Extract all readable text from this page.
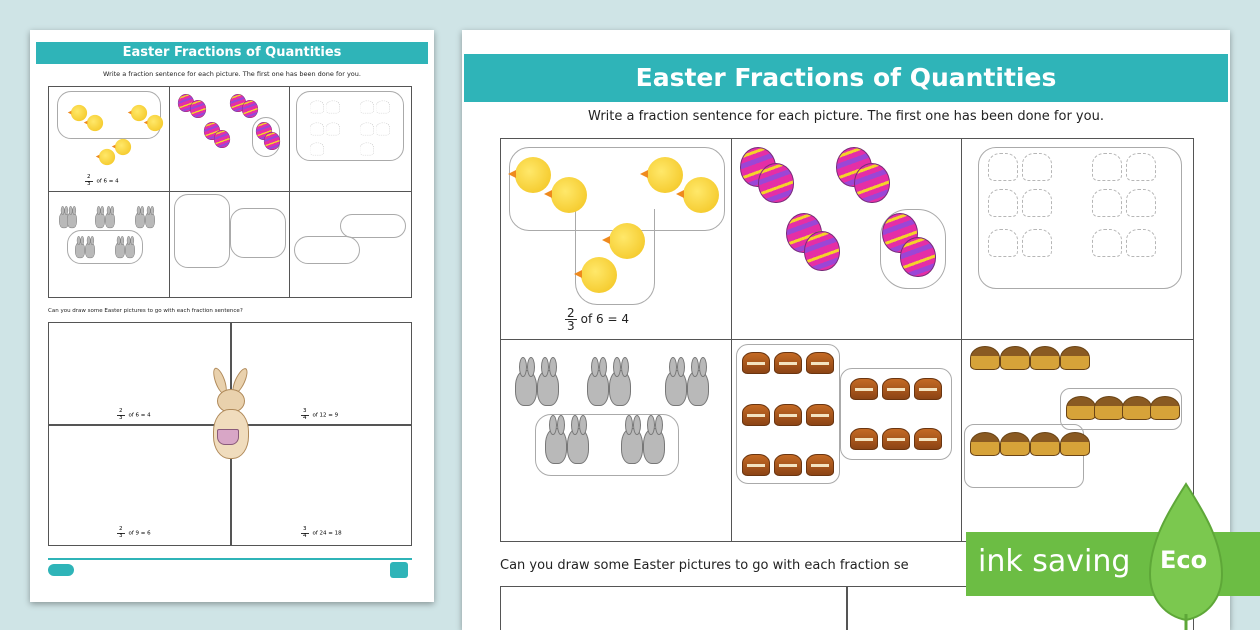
Easter Fractions of Quantities
Write a fraction sentence for each picture. The first one has been done for you.
$\frac{2}{3}$ of 6 = 4
Can you draw some Easter pictures to go with each fraction sentence?
$\frac{2}{3}$ of 6 = 4	$\frac{3}{4}$ of 12 = 9
$\frac{2}{3}$ of 9 = 6	$\frac{3}{4}$ of 24 = 18
Easter Fractions of Quantities
Write a fraction sentence for each picture. The first one has been done for you.
$\frac{2}{3}$ of 6 = 4
Can you draw some Easter pictures to go with each fraction se ink saving Eco
